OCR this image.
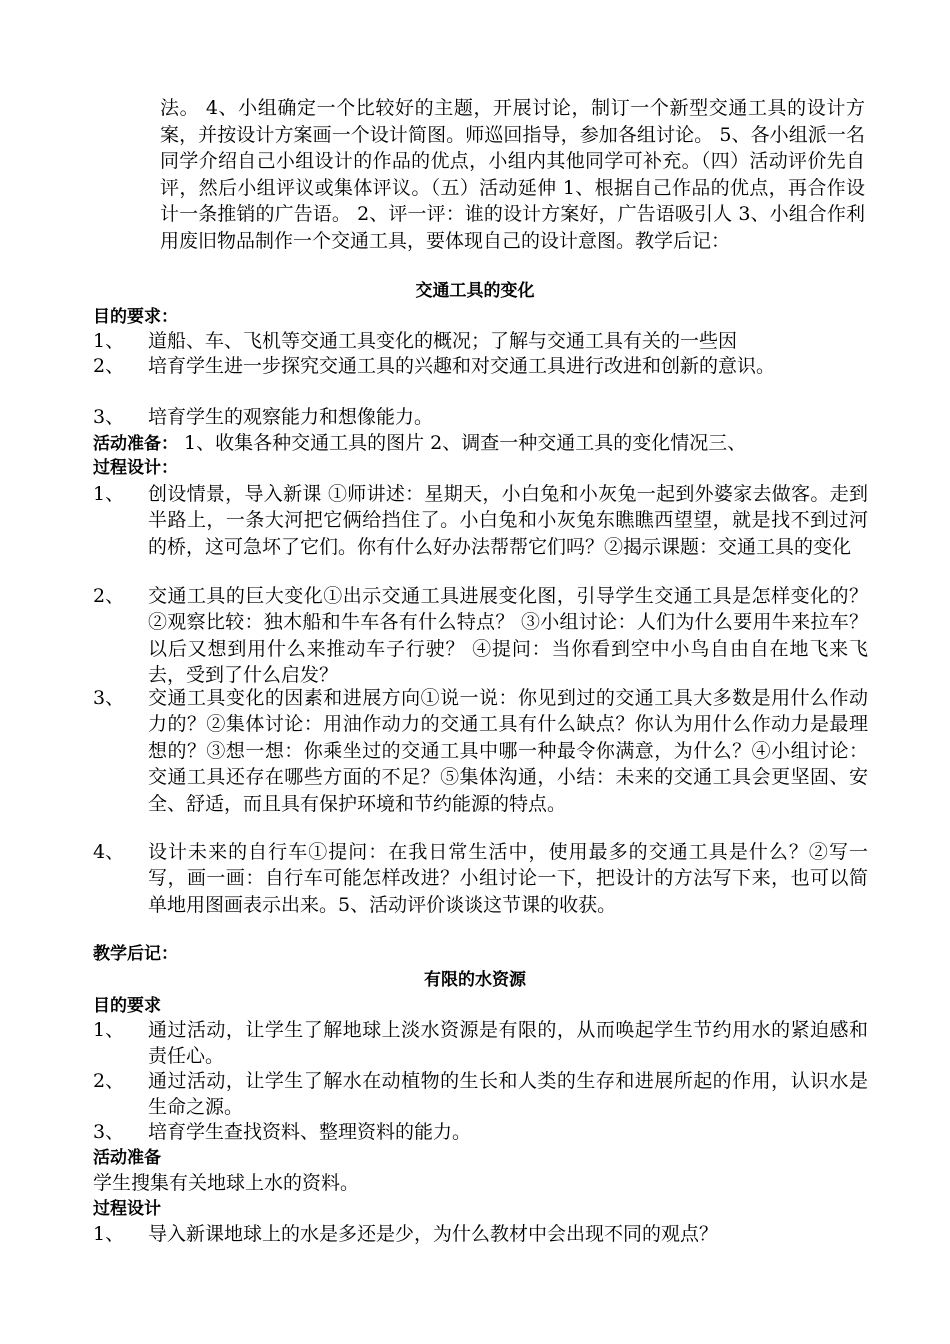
法。 4、小组确定一个比较好的主题，开展讨论，制订一个新型交通工具的设计方案，并按设计方案画一个设计简图。师巡回指导，参加各组讨论。 5、各小组派一名同学介绍自己小组设计的作品的优点，小组内其他同学可补充。（四）活动评价先自评，然后小组评议或集体评议。（五）活动延伸 1、根据自己作品的优点，再合作设计一条推销的广告语。 2、评一评：谁的设计方案好，广告语吸引人 3、小组合作利用废旧物品制作一个交通工具，要体现自己的设计意图。教学后记：
交通工具的变化
目的要求：
1、 道船、车、飞机等交通工具变化的概况；了解与交通工具有关的一些因
2、 培育学生进一步探究交通工具的兴趣和对交通工具进行改进和创新的意识。
3、 培育学生的观察能力和想像能力。
活动准备： 1、收集各种交通工具的图片 2、调查一种交通工具的变化情况三、
过程设计：
1、 创设情景，导入新课 ①师讲述：星期天，小白兔和小灰兔一起到外婆家去做客。走到半路上，一条大河把它俩给挡住了。小白兔和小灰兔东瞧瞧西望望，就是找不到过河的桥，这可急坏了它们。你有什么好办法帮帮它们吗？②揭示课题：交通工具的变化
2、 交通工具的巨大变化①出示交通工具进展变化图，引导学生交通工具是怎样变化的？ ②观察比较：独木船和牛车各有什么特点？ ③小组讨论：人们为什么要用牛来拉车？以后又想到用什么来推动车子行驶？ ④提问：当你看到空中小鸟自由自在地飞来飞去，受到了什么启发？
3、 交通工具变化的因素和进展方向①说一说：你见到过的交通工具大多数是用什么作动力的？②集体讨论：用油作动力的交通工具有什么缺点？你认为用什么作动力是最理想的？③想一想：你乘坐过的交通工具中哪一种最令你满意，为什么？④小组讨论：交通工具还存在哪些方面的不足？⑤集体沟通，小结：未来的交通工具会更坚固、安全、舒适，而且具有保护环境和节约能源的特点。
4、 设计未来的自行车①提问：在我日常生活中，使用最多的交通工具是什么？②写一写，画一画：自行车可能怎样改进？小组讨论一下，把设计的方法写下来，也可以简单地用图画表示出来。5、活动评价谈谈这节课的收获。
教学后记：
有限的水资源
目的要求
1、 通过活动，让学生了解地球上淡水资源是有限的，从而唤起学生节约用水的紧迫感和责任心。
2、 通过活动，让学生了解水在动植物的生长和人类的生存和进展所起的作用，认识水是生命之源。
3、 培育学生查找资料、整理资料的能力。
活动准备
学生搜集有关地球上水的资料。
过程设计
1、 导入新课地球上的水是多还是少，为什么教材中会出现不同的观点？
